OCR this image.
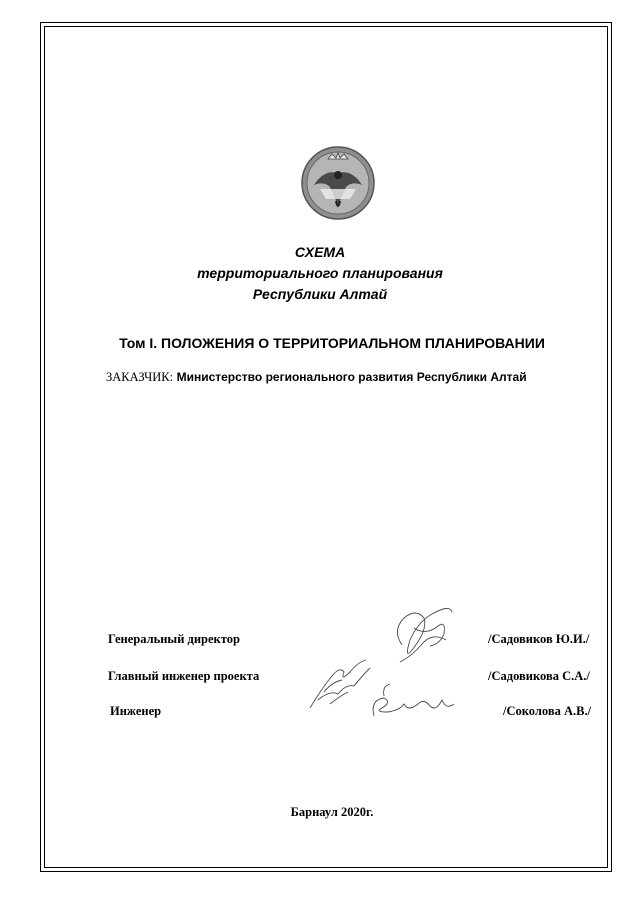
СХЕМА
территориального планирования
Республики Алтай
Том I. ПОЛОЖЕНИЯ О ТЕРРИТОРИАЛЬНОМ ПЛАНИРОВАНИИ
ЗАКАЗЧИК: Министерство регионального развития Республики Алтай
Генеральный директор	/Садовиков Ю.И./
Главный инженер проекта	/Садовикова С.А./
Инженер	/Соколова А.В./
Барнаул 2020г.
